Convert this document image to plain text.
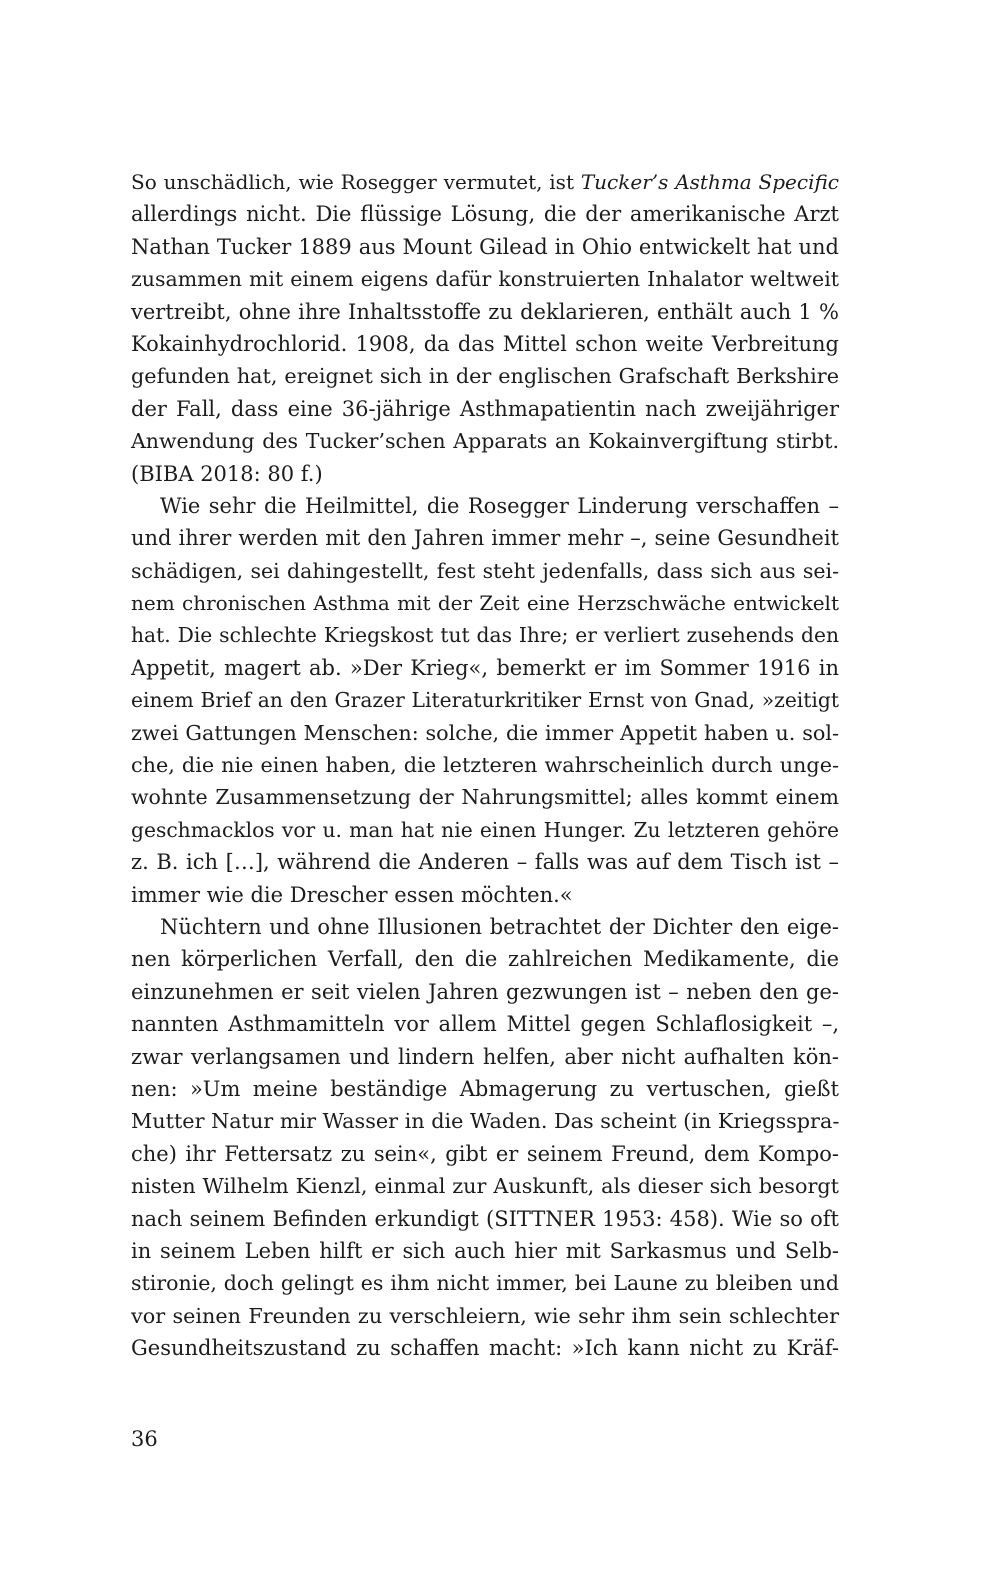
So unschädlich, wie Rosegger vermutet, ist Tucker’s Asthma Specific
allerdings nicht. Die flüssige Lösung, die der amerikanische Arzt
Nathan Tucker 1889 aus Mount Gilead in Ohio entwickelt hat und
zusammen mit einem eigens dafür konstruierten Inhalator weltweit
vertreibt, ohne ihre Inhaltsstoffe zu deklarieren, enthält auch 1 %
Kokainhydrochlorid. 1908, da das Mittel schon weite Verbreitung
gefunden hat, ereignet sich in der englischen Grafschaft Berkshire
der Fall, dass eine 36-jährige Asthmapatientin nach zweijähriger
Anwendung des Tucker’schen Apparats an Kokainvergiftung stirbt.
(BIBA 2018: 80 f.)
Wie sehr die Heilmittel, die Rosegger Linderung verschaffen –
und ihrer werden mit den Jahren immer mehr –, seine Gesundheit
schädigen, sei dahingestellt, fest steht jedenfalls, dass sich aus sei-
nem chronischen Asthma mit der Zeit eine Herzschwäche entwickelt
hat. Die schlechte Kriegskost tut das Ihre; er verliert zusehends den
Appetit, magert ab. »Der Krieg«, bemerkt er im Sommer 1916 in
einem Brief an den Grazer Literaturkritiker Ernst von Gnad, »zeitigt
zwei Gattungen Menschen: solche, die immer Appetit haben u. sol-
che, die nie einen haben, die letzteren wahrscheinlich durch unge-
wohnte Zusammensetzung der Nahrungsmittel; alles kommt einem
geschmacklos vor u. man hat nie einen Hunger. Zu letzteren gehöre
z. B. ich […], während die Anderen – falls was auf dem Tisch ist –
immer wie die Drescher essen möchten.«
Nüchtern und ohne Illusionen betrachtet der Dichter den eige-
nen körperlichen Verfall, den die zahlreichen Medikamente, die
einzunehmen er seit vielen Jahren gezwungen ist – neben den ge-
nannten Asthmamitteln vor allem Mittel gegen Schlaflosigkeit –,
zwar verlangsamen und lindern helfen, aber nicht aufhalten kön-
nen: »Um meine beständige Abmagerung zu vertuschen, gießt
Mutter Natur mir Wasser in die Waden. Das scheint (in Kriegsspra-
che) ihr Fettersatz zu sein«, gibt er seinem Freund, dem Kompo-
nisten Wilhelm Kienzl, einmal zur Auskunft, als dieser sich besorgt
nach seinem Befinden erkundigt (SITTNER 1953: 458). Wie so oft
in seinem Leben hilft er sich auch hier mit Sarkasmus und Selb-
stironie, doch gelingt es ihm nicht immer, bei Laune zu bleiben und
vor seinen Freunden zu verschleiern, wie sehr ihm sein schlechter
Gesundheitszustand zu schaffen macht: »Ich kann nicht zu Kräf-
36
